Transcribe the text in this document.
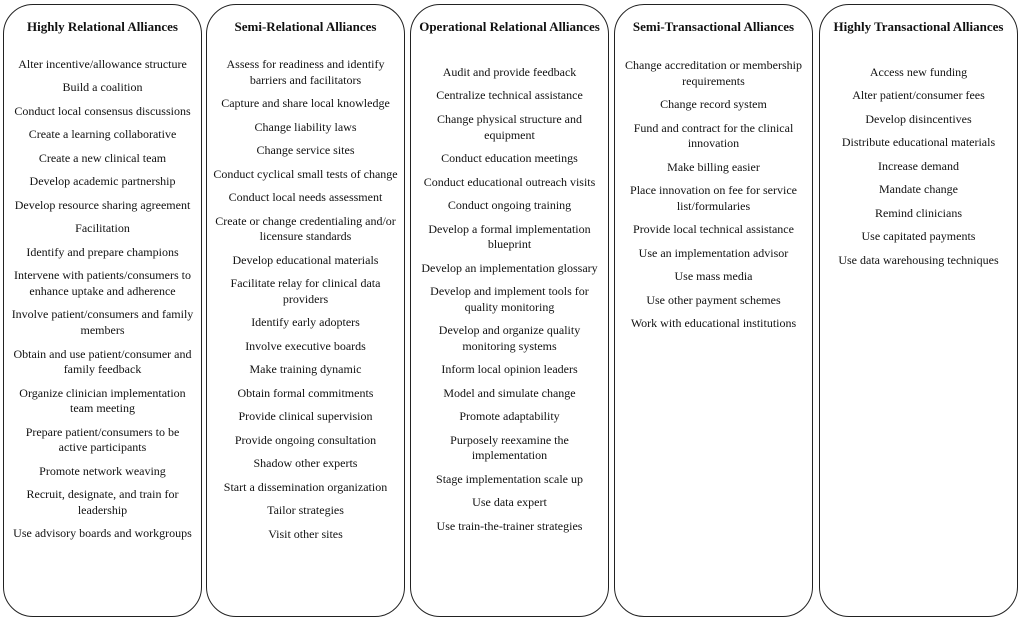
Highly Relational Alliances
Alter incentive/allowance structure
Build a coalition
Conduct local consensus discussions
Create a learning collaborative
Create a new clinical team
Develop academic partnership
Develop resource sharing agreement
Facilitation
Identify and prepare champions
Intervene with patients/consumers to enhance uptake and adherence
Involve patient/consumers and family members
Obtain and use patient/consumer and family feedback
Organize clinician implementation team meeting
Prepare patient/consumers to be active participants
Promote network weaving
Recruit, designate, and train for leadership
Use advisory boards and workgroups
Semi-Relational Alliances
Assess for readiness and identify barriers and facilitators
Capture and share local knowledge
Change liability laws
Change service sites
Conduct cyclical small tests of change
Conduct local needs assessment
Create or change credentialing and/or licensure standards
Develop educational materials
Facilitate relay for clinical data providers
Identify early adopters
Involve executive boards
Make training dynamic
Obtain formal commitments
Provide clinical supervision
Provide ongoing consultation
Shadow other experts
Start a dissemination organization
Tailor strategies
Visit other sites
Operational Relational Alliances
Audit and provide feedback
Centralize technical assistance
Change physical structure and equipment
Conduct education meetings
Conduct educational outreach visits
Conduct ongoing training
Develop a formal implementation blueprint
Develop an implementation glossary
Develop and implement tools for quality monitoring
Develop and organize quality monitoring systems
Inform local opinion leaders
Model and simulate change
Promote adaptability
Purposely reexamine the implementation
Stage implementation scale up
Use data expert
Use train-the-trainer strategies
Semi-Transactional Alliances
Change accreditation or membership requirements
Change record system
Fund and contract for the clinical innovation
Make billing easier
Place innovation on fee for service list/formularies
Provide local technical assistance
Use an implementation advisor
Use mass media
Use other payment schemes
Work with educational institutions
Highly Transactional Alliances
Access new funding
Alter patient/consumer fees
Develop disincentives
Distribute educational materials
Increase demand
Mandate change
Remind clinicians
Use capitated payments
Use data warehousing techniques
